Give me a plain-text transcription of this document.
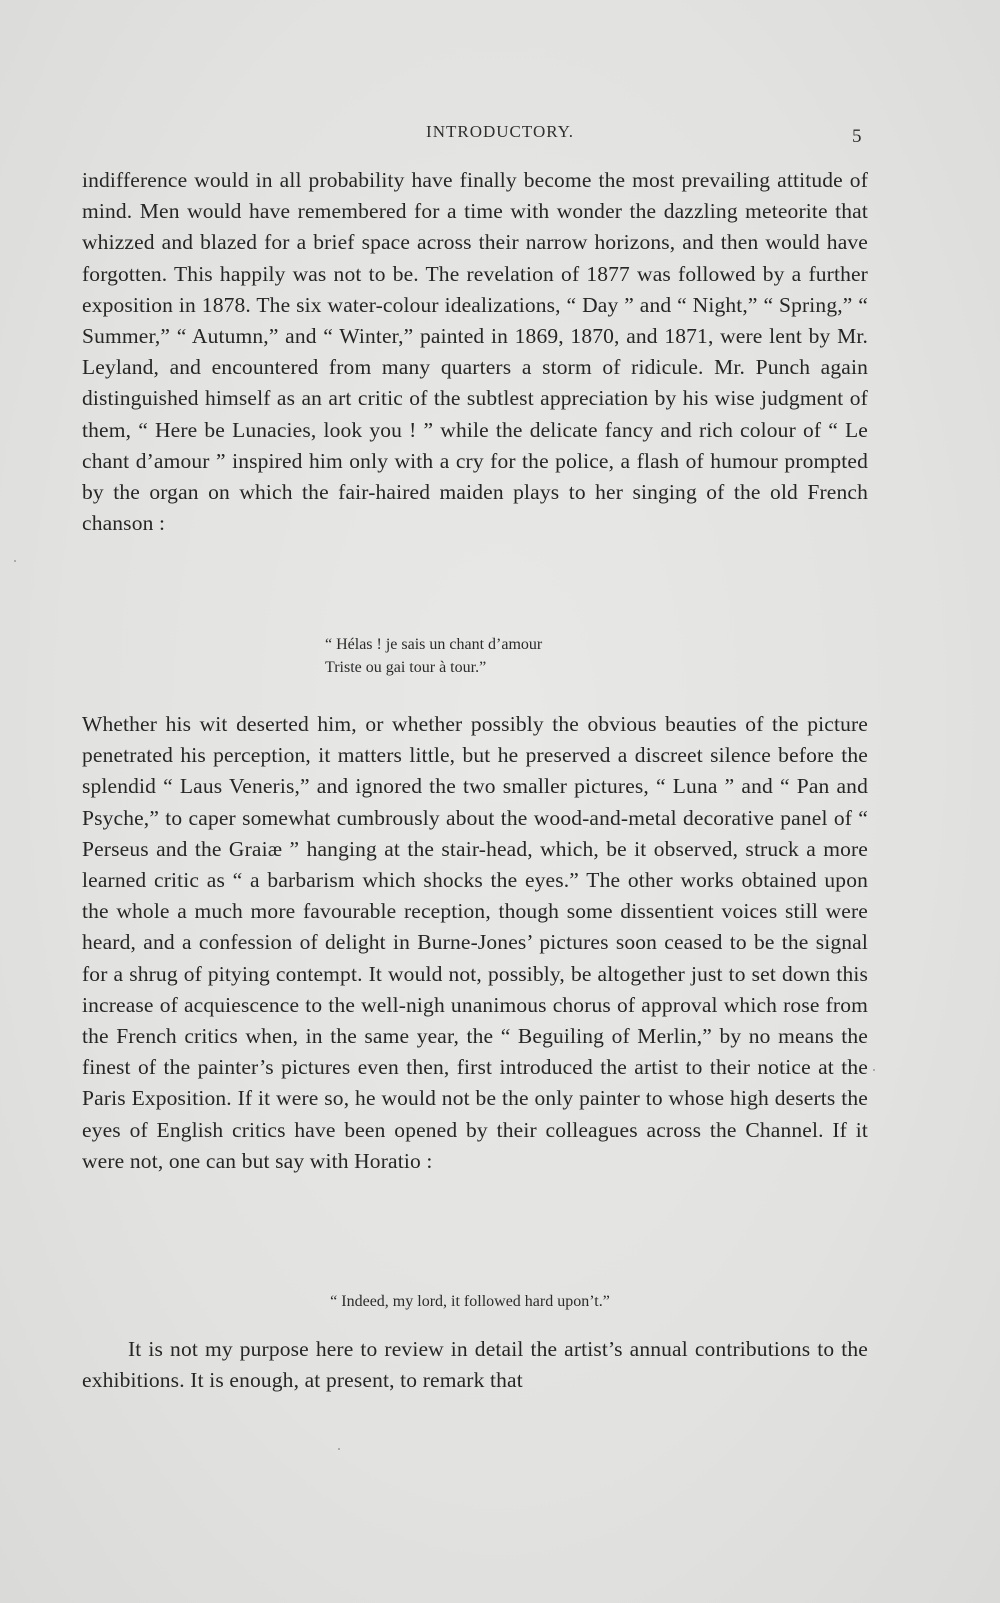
INTRODUCTORY.	5

indifference would in all probability have finally become the most prevailing attitude of mind. Men would have remembered for a time with wonder the dazzling meteorite that whizzed and blazed for a brief space across their narrow horizons, and then would have forgotten. This happily was not to be. The revelation of 1877 was followed by a further exposition in 1878. The six water-colour idealizations, “ Day ” and “ Night,” “ Spring,” “ Summer,” “ Autumn,” and “ Winter,” painted in 1869, 1870, and 1871, were lent by Mr. Leyland, and encountered from many quarters a storm of ridicule. Mr. Punch again distinguished himself as an art critic of the subtlest appreciation by his wise judgment of them, “ Here be Lunacies, look you ! ” while the delicate fancy and rich colour of “ Le chant d’amour ” inspired him only with a cry for the police, a flash of humour prompted by the organ on which the fair-haired maiden plays to her singing of the old French chanson :

“ Hélas ! je sais un chant d’amour
Triste ou gai tour à tour.”

Whether his wit deserted him, or whether possibly the obvious beauties of the picture penetrated his perception, it matters little, but he preserved a discreet silence before the splendid “ Laus Veneris,” and ignored the two smaller pictures, “ Luna ” and “ Pan and Psyche,” to caper somewhat cumbrously about the wood-and-metal decorative panel of “ Perseus and the Graiæ ” hanging at the stair-head, which, be it observed, struck a more learned critic as “ a barbarism which shocks the eyes.” The other works obtained upon the whole a much more favourable reception, though some dissentient voices still were heard, and a confession of delight in Burne-Jones’ pictures soon ceased to be the signal for a shrug of pitying contempt. It would not, possibly, be altogether just to set down this increase of acquiescence to the well-nigh unanimous chorus of approval which rose from the French critics when, in the same year, the “ Beguiling of Merlin,” by no means the finest of the painter’s pictures even then, first introduced the artist to their notice at the Paris Exposition. If it were so, he would not be the only painter to whose high deserts the eyes of English critics have been opened by their colleagues across the Channel. If it were not, one can but say with Horatio :

“ Indeed, my lord, it followed hard upon’t.”

It is not my purpose here to review in detail the artist’s annual contributions to the exhibitions. It is enough, at present, to remark that
